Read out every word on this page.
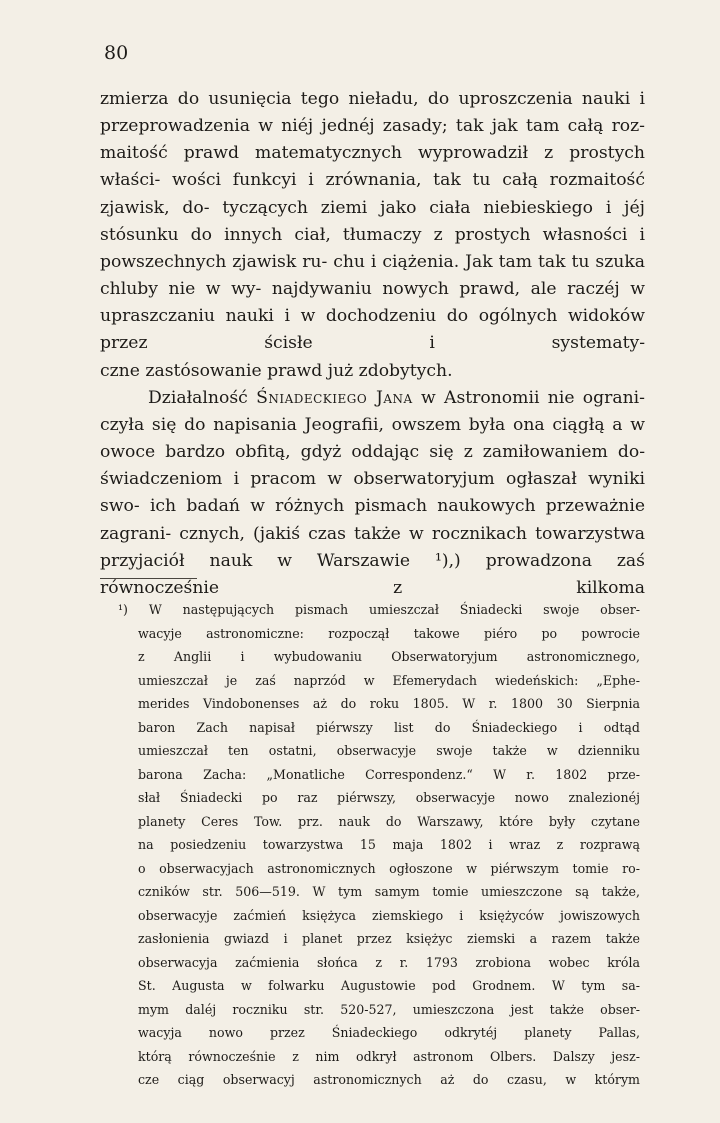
80
zmierza do usunięcia tego nieładu, do uproszczenia nauki i przeprowadzenia w niéj jednéj zasady; tak jak tam całą roz- maitość prawd matematycznych wyprowadził z prostych właści- wości funkcyi i zrównania, tak tu całą rozmaitość zjawisk, do- tyczących ziemi jako ciała niebieskiego i jéj stósunku do innych ciał, tłumaczy z prostych własności i powszechnych zjawisk ru- chu i ciążenia. Jak tam tak tu szuka chluby nie w wy- najdywaniu nowych prawd, ale raczéj w upraszczaniu nauki i w dochodzeniu do ogólnych widoków przez ścisłe i systematy-
czne zastósowanie prawd już zdobytych.
Działalność Śniadeckiego Jana w Astronomii nie ograni- czyła się do napisania Jeografii, owszem była ona ciągłą a w owoce bardzo obfitą, gdyż oddając się z zamiłowaniem do- świadczeniom i pracom w obserwatoryjum ogłaszał wyniki swo- ich badań w różnych pismach naukowych przeważnie zagrani- cznych, (jakiś czas także w rocznikach towarzystwa przyjaciół nauk w Warszawie ¹),) prowadzona zaś równocześnie z kilkoma
¹) W następujących pismach umieszczał Śniadecki swoje obser-
wacyje astronomiczne: rozpoczął takowe piéro po powrocie
z Anglii i wybudowaniu Obserwatoryjum astronomicznego,
umieszczał je zaś naprzód w Efemerydach wiedeńskich: „Ephe-
merides Vindobonenses aż do roku 1805. W r. 1800 30 Sierpnia
baron Zach napisał piérwszy list do Śniadeckiego i odtąd
umieszczał ten ostatni, obserwacyje swoje także w dzienniku
barona Zacha: „Monatliche Correspondenz.“ W r. 1802 prze-
słał Śniadecki po raz piérwszy, obserwacyje nowo znalezionéj
planety Ceres Tow. prz. nauk do Warszawy, które były czytane
na posiedzeniu towarzystwa 15 maja 1802 i wraz z rozprawą
o obserwacyjach astronomicznych ogłoszone w piérwszym tomie ro-
czników str. 506—519. W tym samym tomie umieszczone są także,
obserwacyje zaćmień księżyca ziemskiego i księżyców jowiszowych
zasłonienia gwiazd i planet przez księżyc ziemski a razem także
obserwacyja zaćmienia słońca z r. 1793 zrobiona wobec króla
St. Augusta w folwarku Augustowie pod Grodnem. W tym sa-
mym daléj roczniku str. 520-527, umieszczona jest także obser-
wacyja nowo przez Śniadeckiego odkrytéj planety Pallas,
którą równocześnie z nim odkrył astronom Olbers. Dalszy jesz-
cze ciąg obserwacyj astronomicznych aż do czasu, w którym
